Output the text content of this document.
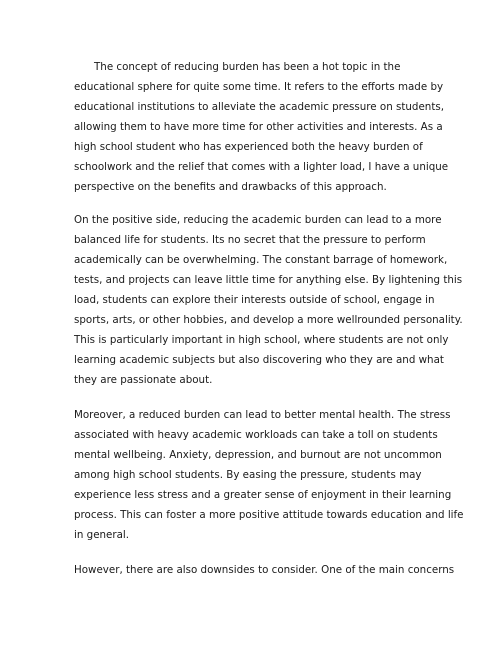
The concept of reducing burden has been a hot topic in the
educational sphere for quite some time. It refers to the efforts made by
educational institutions to alleviate the academic pressure on students,
allowing them to have more time for other activities and interests. As a
high school student who has experienced both the heavy burden of
schoolwork and the relief that comes with a lighter load, I have a unique
perspective on the benefits and drawbacks of this approach.
On the positive side, reducing the academic burden can lead to a more
balanced life for students. Its no secret that the pressure to perform
academically can be overwhelming. The constant barrage of homework,
tests, and projects can leave little time for anything else. By lightening this
load, students can explore their interests outside of school, engage in
sports, arts, or other hobbies, and develop a more wellrounded personality.
This is particularly important in high school, where students are not only
learning academic subjects but also discovering who they are and what
they are passionate about.
Moreover, a reduced burden can lead to better mental health. The stress
associated with heavy academic workloads can take a toll on students
mental wellbeing. Anxiety, depression, and burnout are not uncommon
among high school students. By easing the pressure, students may
experience less stress and a greater sense of enjoyment in their learning
process. This can foster a more positive attitude towards education and life
in general.
However, there are also downsides to consider. One of the main concerns
